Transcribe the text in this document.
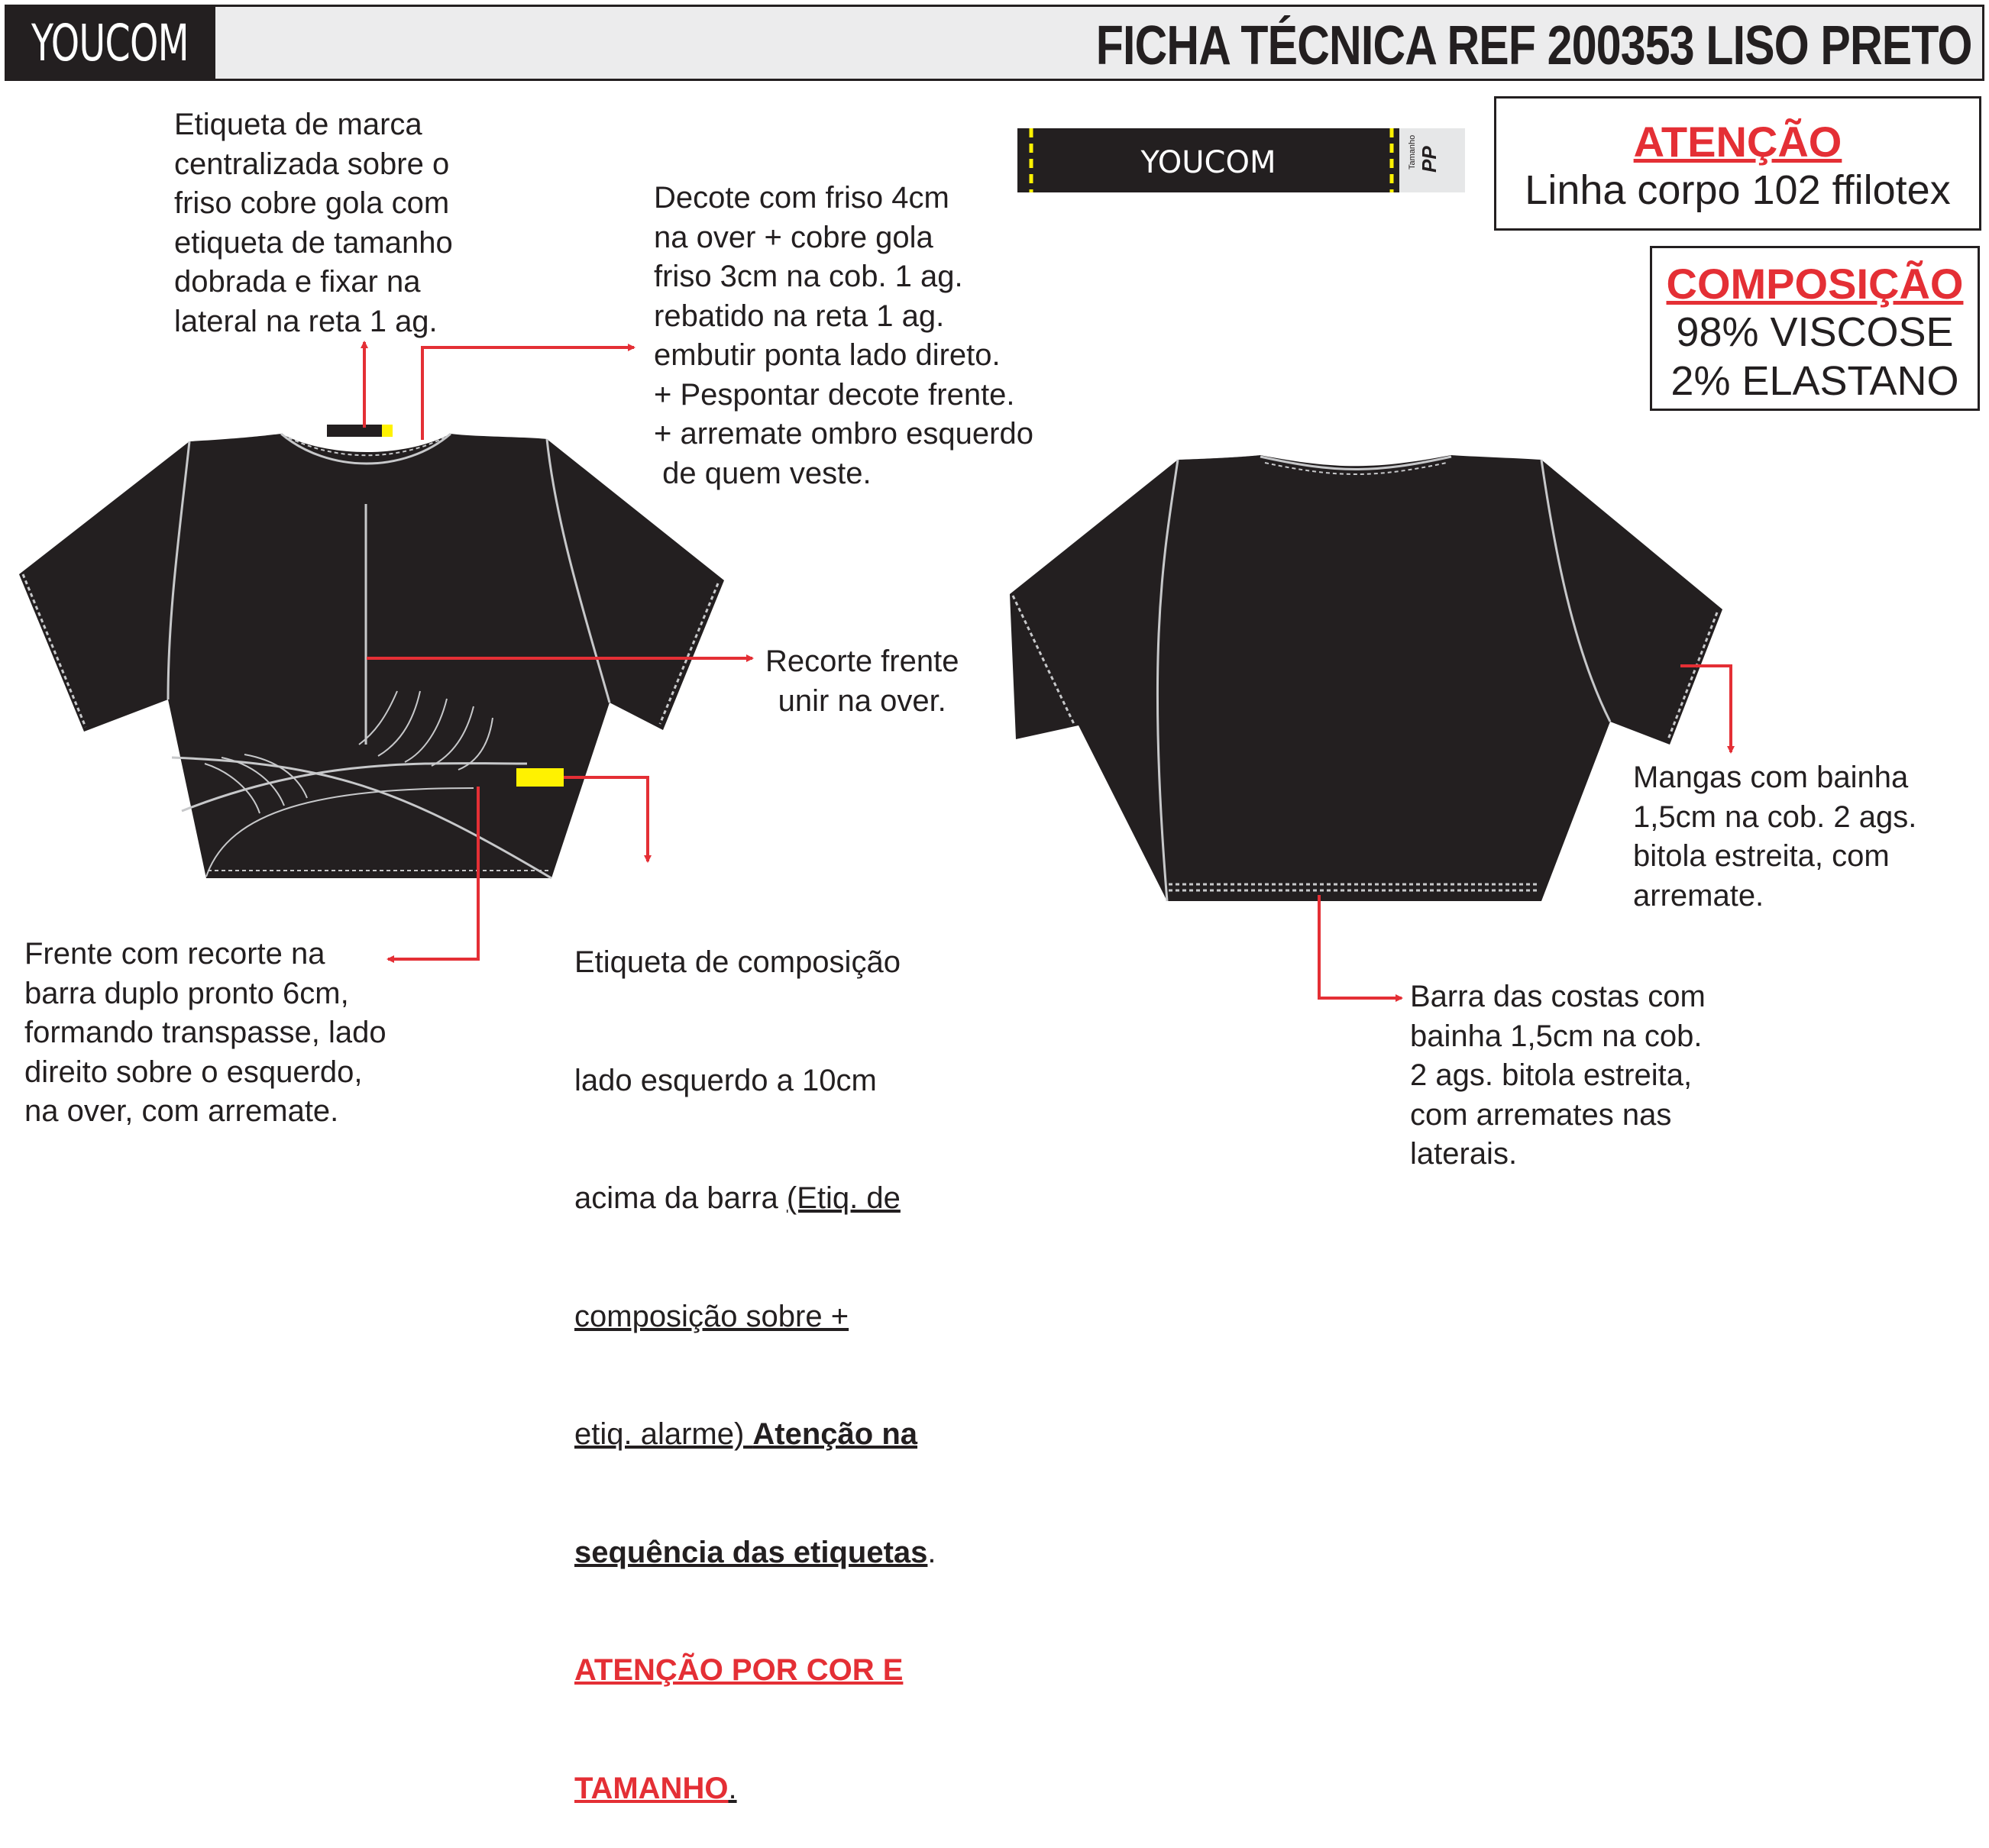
YOUCOM	FICHA TÉCNICA REF 200353 LISO PRETO
YOUCOM	Tamanho PP	ATENÇÃO
Linha corpo 102 ffilotex
COMPOSIÇÃO
98% VISCOSE
2% ELASTANO
Etiqueta de marca
centralizada sobre o
friso cobre gola com
etiqueta de tamanho
dobrada e fixar na
lateral na reta 1 ag.
Decote com friso 4cm
na over + cobre gola
friso 3cm na cob. 1 ag.
rebatido na reta 1 ag.
embutir ponta lado direto.
+ Pespontar decote frente.
+ arremate ombro esquerdo
de quem veste.
Recorte frente
unir na over.
Frente com recorte na
barra duplo pronto 6cm,
formando transpasse, lado
direito sobre o esquerdo,
na over, com arremate.

Etiqueta de composição

lado esquerdo a 10cm

acima da barra (Etiq. de

composição sobre +

etiq. alarme) Atenção na

sequência das etiquetas.

ATENÇÃO POR COR E

TAMANHO.

Mangas com bainha
1,5cm na cob. 2 ags.
bitola estreita, com
arremate.
Barra das costas com
bainha 1,5cm na cob.
2 ags. bitola estreita,
com arremates nas
laterais.
